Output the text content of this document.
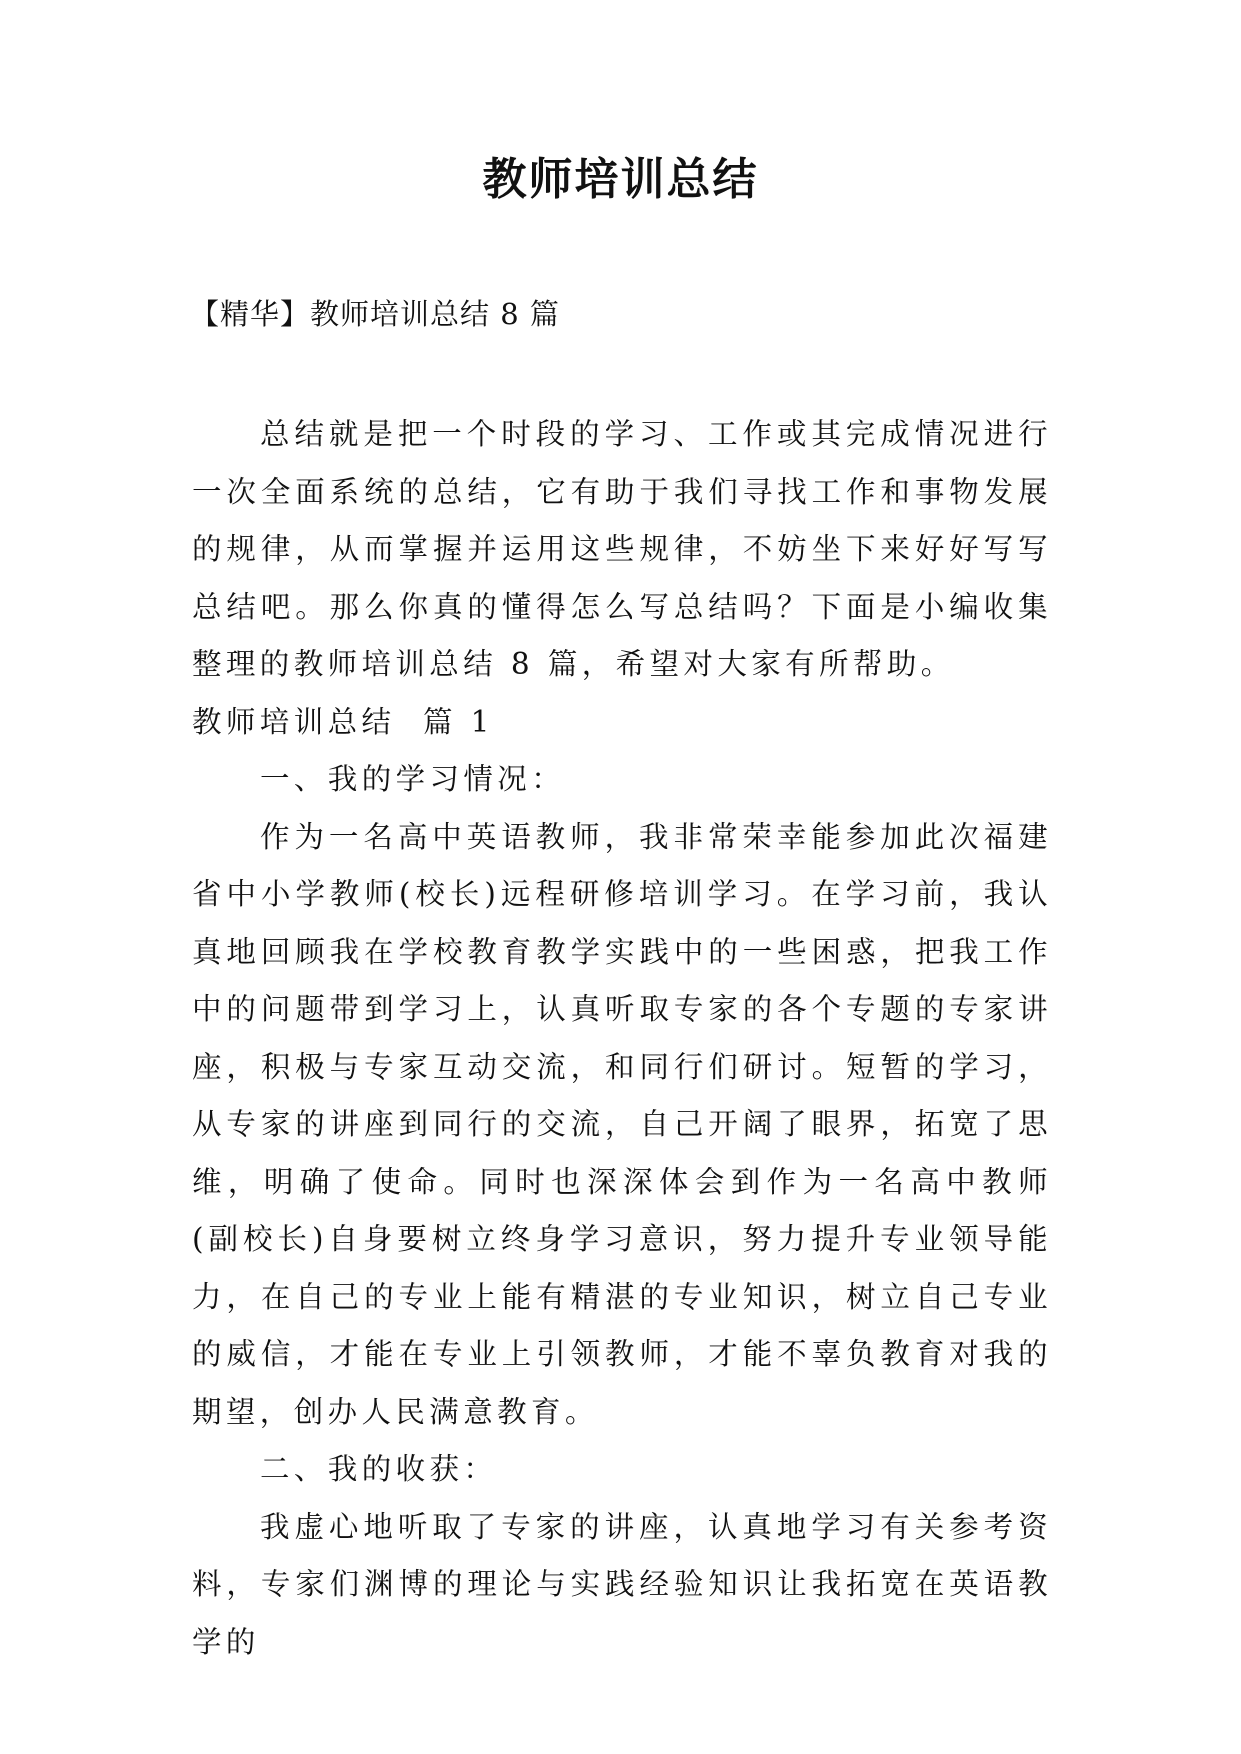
教师培训总结

【精华】教师培训总结 8 篇

总结就是把一个时段的学习、工作或其完成情况进行一次全面系统的总结，它有助于我们寻找工作和事物发展的规律，从而掌握并运用这些规律，不妨坐下来好好写写总结吧。那么你真的懂得怎么写总结吗？下面是小编收集整理的教师培训总结 8 篇，希望对大家有所帮助。

教师培训总结  篇 1

一、我的学习情况：

作为一名高中英语教师，我非常荣幸能参加此次福建省中小学教师(校长)远程研修培训学习。在学习前，我认真地回顾我在学校教育教学实践中的一些困惑，把我工作中的问题带到学习上，认真听取专家的各个专题的专家讲座，积极与专家互动交流，和同行们研讨。短暂的学习，从专家的讲座到同行的交流，自己开阔了眼界，拓宽了思维，明确了使命。同时也深深体会到作为一名高中教师(副校长)自身要树立终身学习意识，努力提升专业领导能力，在自己的专业上能有精湛的专业知识，树立自己专业的威信，才能在专业上引领教师，才能不辜负教育对我的期望，创办人民满意教育。

二、我的收获：

我虚心地听取了专家的讲座，认真地学习有关参考资料，专家们渊博的理论与实践经验知识让我拓宽在英语教学的
